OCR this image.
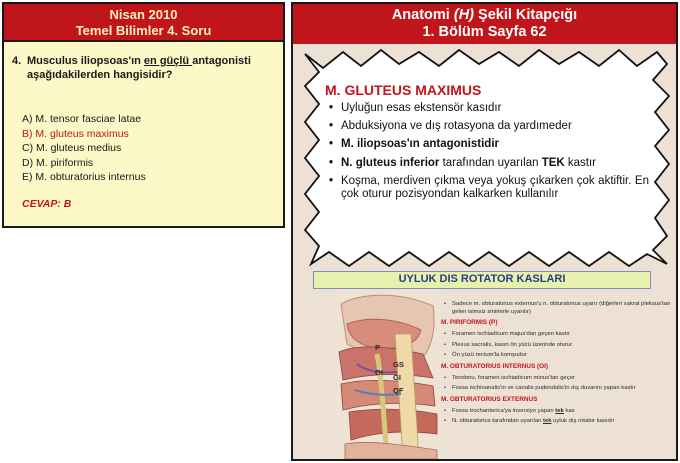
Nisan 2010
Temel Bilimler 4. Soru
4. Musculus iliopsoas'ın en güçlü antagonisti aşağıdakilerden hangisidir?
A) M. tensor fasciae latae
B) M. gluteus maximus
C) M. gluteus medius
D) M. piriformis
E) M. obturatorius internus
CEVAP: B
Anatomi (H) Şekil Kitapçığı
1. Bölüm Sayfa 62
M. GLUTEUS MAXIMUS
• Uyluğun esas ekstensör kasıdır
• Abduksiyona ve dış rotasyona da yardımeder
• M. iliopsoas'ın antagonistidir
• N. gluteus inferior tarafından uyarılan TEK kastır
• Koşma, merdiven çıkma veya yokuş çıkarken çok aktiftir. En çok oturur pozisyondan kalkarken kullanılır
UYLUK DIS ROTATOR KASLARI
P
OI
GS
GI
QF
• Sadece m. obturatorius externus'u n. obturatorius uyarır (diğerleri sakral pleksus'tan gelen isimsiz sinirlerle uyarılır)
M. PIRIFORMIS (P)
• Foramen ischiadicum majus'dan geçen kastır
• Plexus sacralis, kasın ön yüzü üzerinde oturur
• Ön yüzü rectum'la komşudur
M. OBTURATORIUS INTERNUS (OI)
• Tendonu, foramen ischiadicum minus'tan geçer
• Fossa ischioanalis'in ve canalis pudendalis'in dış duvarını yapan kastır
M. OBTURATORIUS EXTERNUS
• Fossa trochanterica'ya insersiyo yapan tek kas
• N. obturatorius tarafından uyarılan tek uyluk dış rotator kasıdır
